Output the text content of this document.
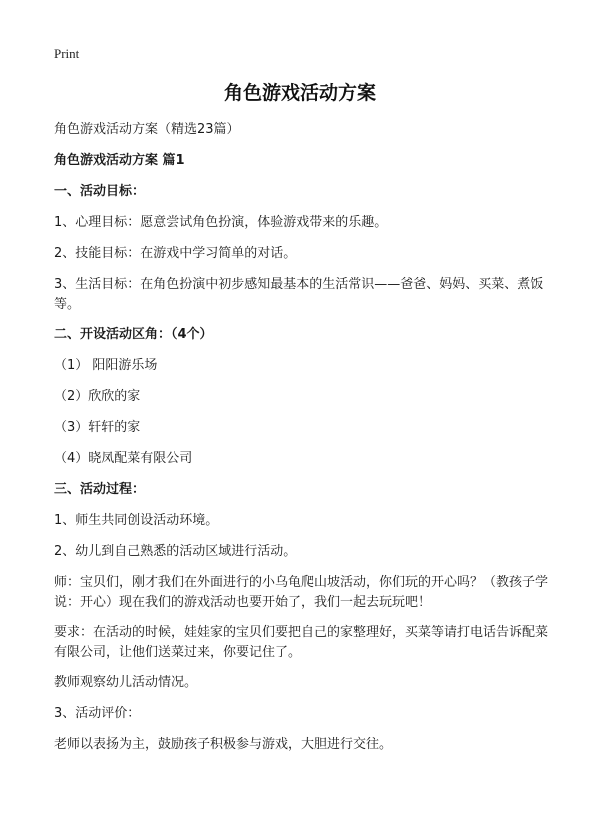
Print
角色游戏活动方案
角色游戏活动方案（精选23篇）
角色游戏活动方案 篇1
一、活动目标：
1、心理目标：愿意尝试角色扮演，体验游戏带来的乐趣。
2、技能目标：在游戏中学习简单的对话。
3、生活目标：在角色扮演中初步感知最基本的生活常识——爸爸、妈妈、买菜、煮饭等。
二、开设活动区角：（4个）
（1） 阳阳游乐场
（2）欣欣的家
（3）轩轩的家
（4）晓凤配菜有限公司
三、活动过程：
1、师生共同创设活动环境。
2、幼儿到自己熟悉的活动区域进行活动。
师：宝贝们，刚才我们在外面进行的小乌龟爬山坡活动，你们玩的开心吗？（教孩子学说：开心）现在我们的游戏活动也要开始了，我们一起去玩玩吧！
要求：在活动的时候，娃娃家的宝贝们要把自己的家整理好，买菜等请打电话告诉配菜有限公司，让他们送菜过来，你要记住了。
教师观察幼儿活动情况。
3、活动评价：
老师以表扬为主，鼓励孩子积极参与游戏，大胆进行交往。
